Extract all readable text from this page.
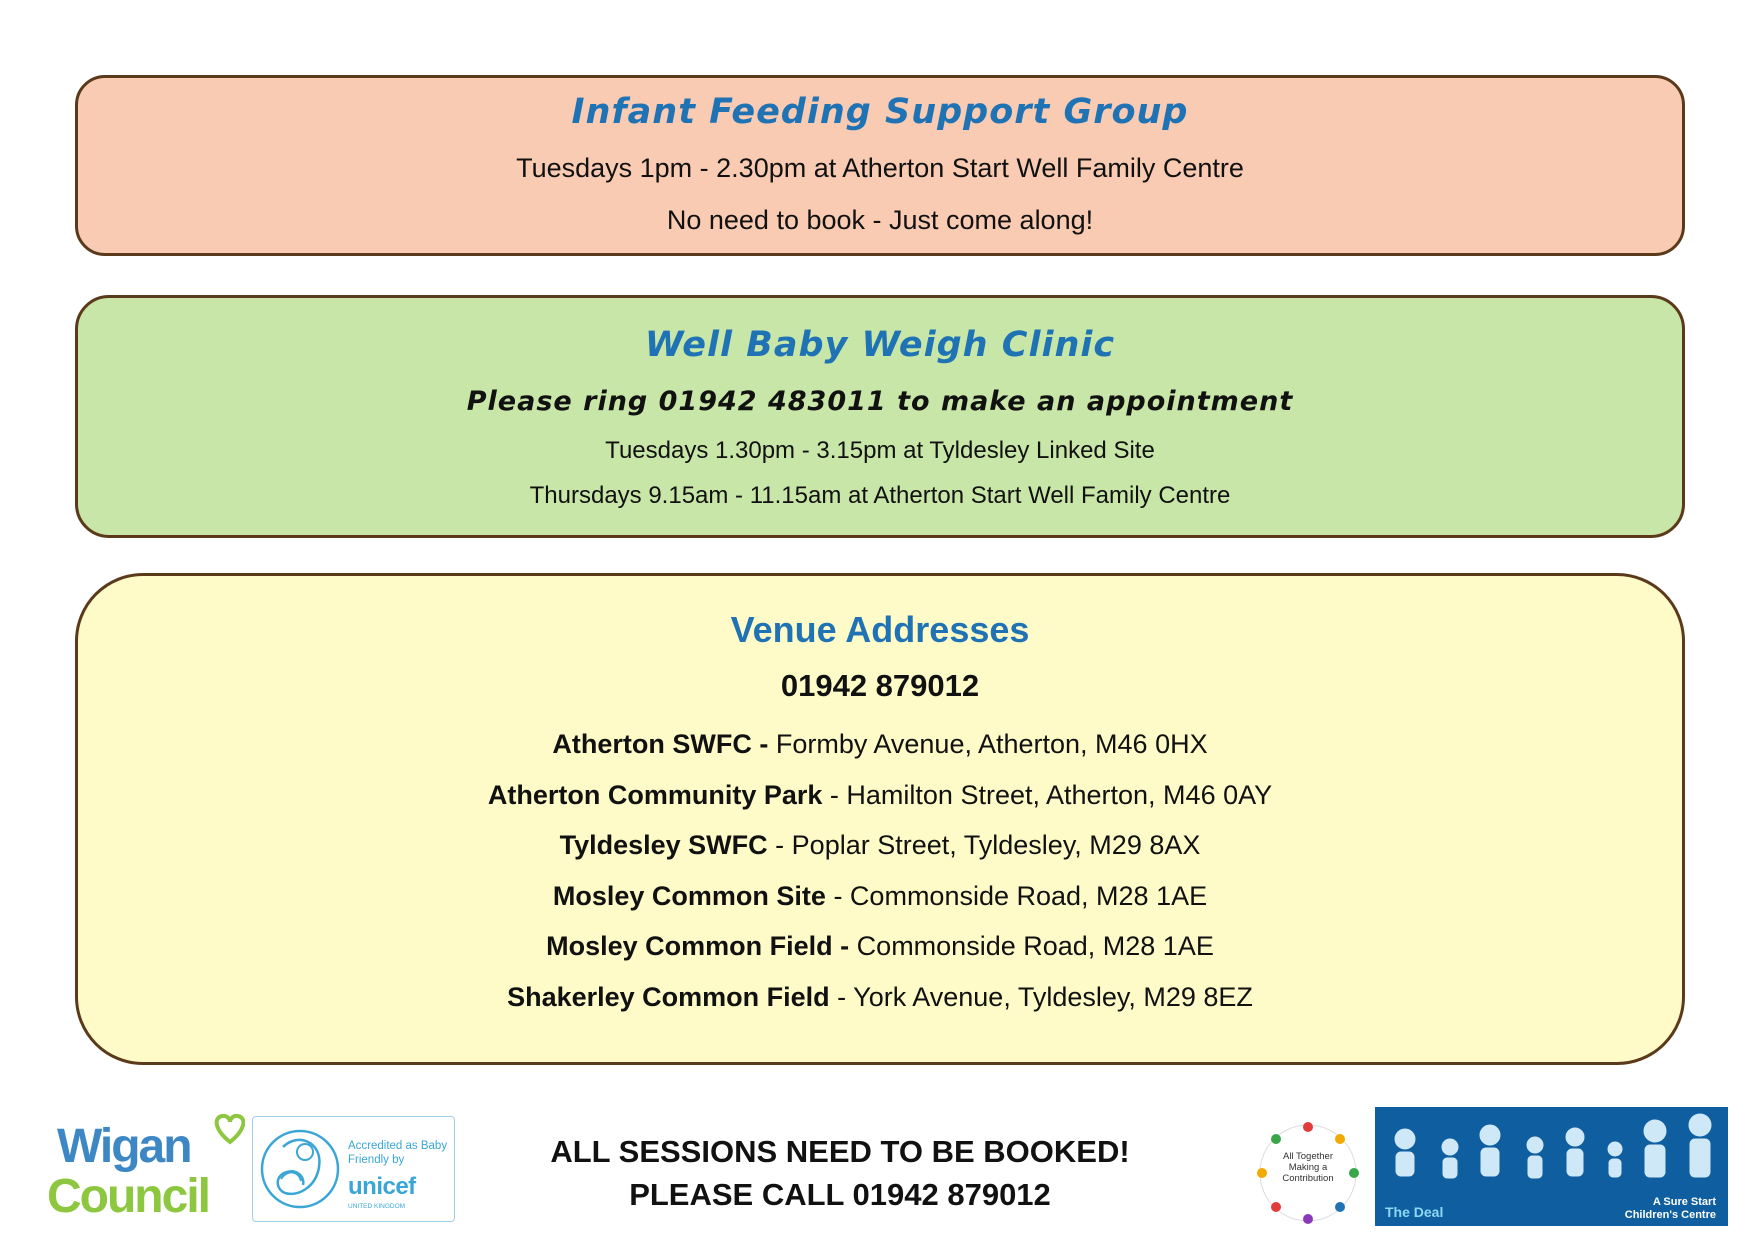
Infant Feeding Support Group

Tuesdays 1pm - 2.30pm at Atherton Start Well Family Centre

No need to book - Just come along!

Well Baby Weigh Clinic

Please ring 01942 483011 to make an appointment

Tuesdays 1.30pm - 3.15pm at Tyldesley Linked Site

Thursdays 9.15am - 11.15am at Atherton Start Well Family Centre

Venue Addresses

01942 879012

Atherton SWFC - Formby Avenue, Atherton, M46 0HX
Atherton Community Park - Hamilton Street, Atherton, M46 0AY
Tyldesley SWFC - Poplar Street, Tyldesley, M29 8AX
Mosley Common Site - Commonside Road, M28 1AE
Mosley Common Field - Commonside Road, M28 1AE
Shakerley Common Field - York Avenue, Tyldesley, M29 8EZ
Wigan
Council
Accredited as Baby Friendly by
unicef
UNITED KINGDOM

ALL SESSIONS NEED TO BE BOOKED!

PLEASE CALL 01942 879012

All Together Making a Contribution
The Deal
A Sure Start
Children's Centre
